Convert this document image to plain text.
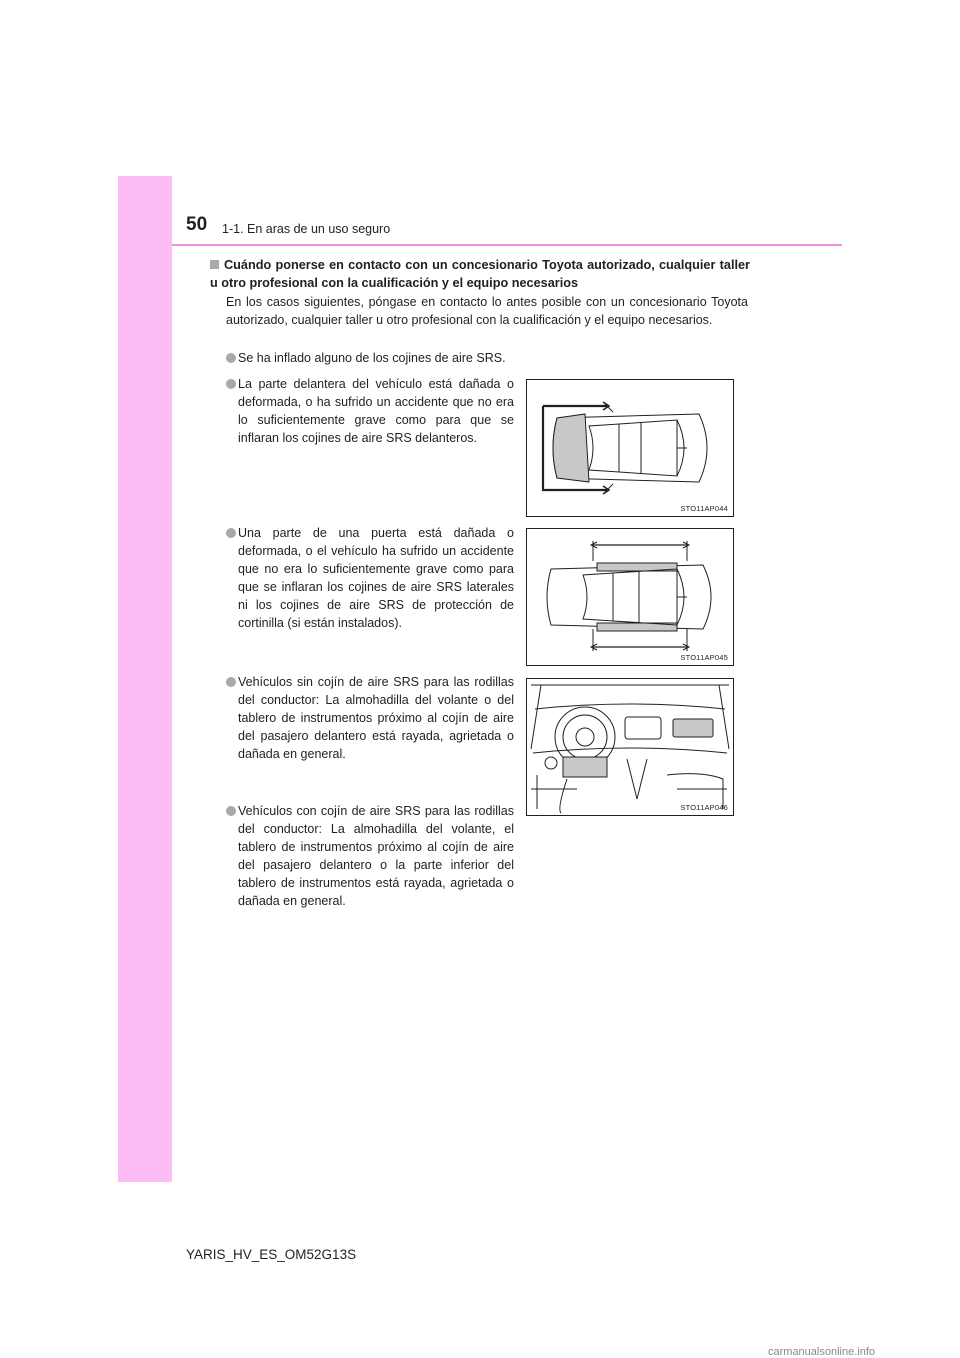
50 1-1. En aras de un uso seguro
Cuándo ponerse en contacto con un concesionario Toyota autorizado, cualquier taller u otro profesional con la cualificación y el equipo necesarios
En los casos siguientes, póngase en contacto lo antes posible con un concesionario Toyota autorizado, cualquier taller u otro profesional con la cualificación y el equipo necesarios.

Se ha inflado alguno de los cojines de aire SRS.

La parte delantera del vehículo está dañada o deformada, o ha sufrido un accidente que no era lo suficientemente grave como para que se inflaran los cojines de aire SRS delanteros.

Una parte de una puerta está dañada o deformada, o el vehículo ha sufrido un accidente que no era lo suficientemente grave como para que se inflaran los cojines de aire SRS laterales ni los cojines de aire SRS de protección de cortinilla (si están instalados).

Vehículos sin cojín de aire SRS para las rodillas del conductor: La almohadilla del volante o del tablero de instrumentos próximo al cojín de aire del pasajero delantero está rayada, agrietada o dañada en general.

Vehículos con cojín de aire SRS para las rodillas del conductor: La almohadilla del volante, el tablero de instrumentos próximo al cojín de aire del pasajero delantero o la parte inferior del tablero de instrumentos está rayada, agrietada o dañada en general.

STO11AP044
STO11AP045
STO11AP046
YARIS_HV_ES_OM52G13S
carmanualsonline.info
